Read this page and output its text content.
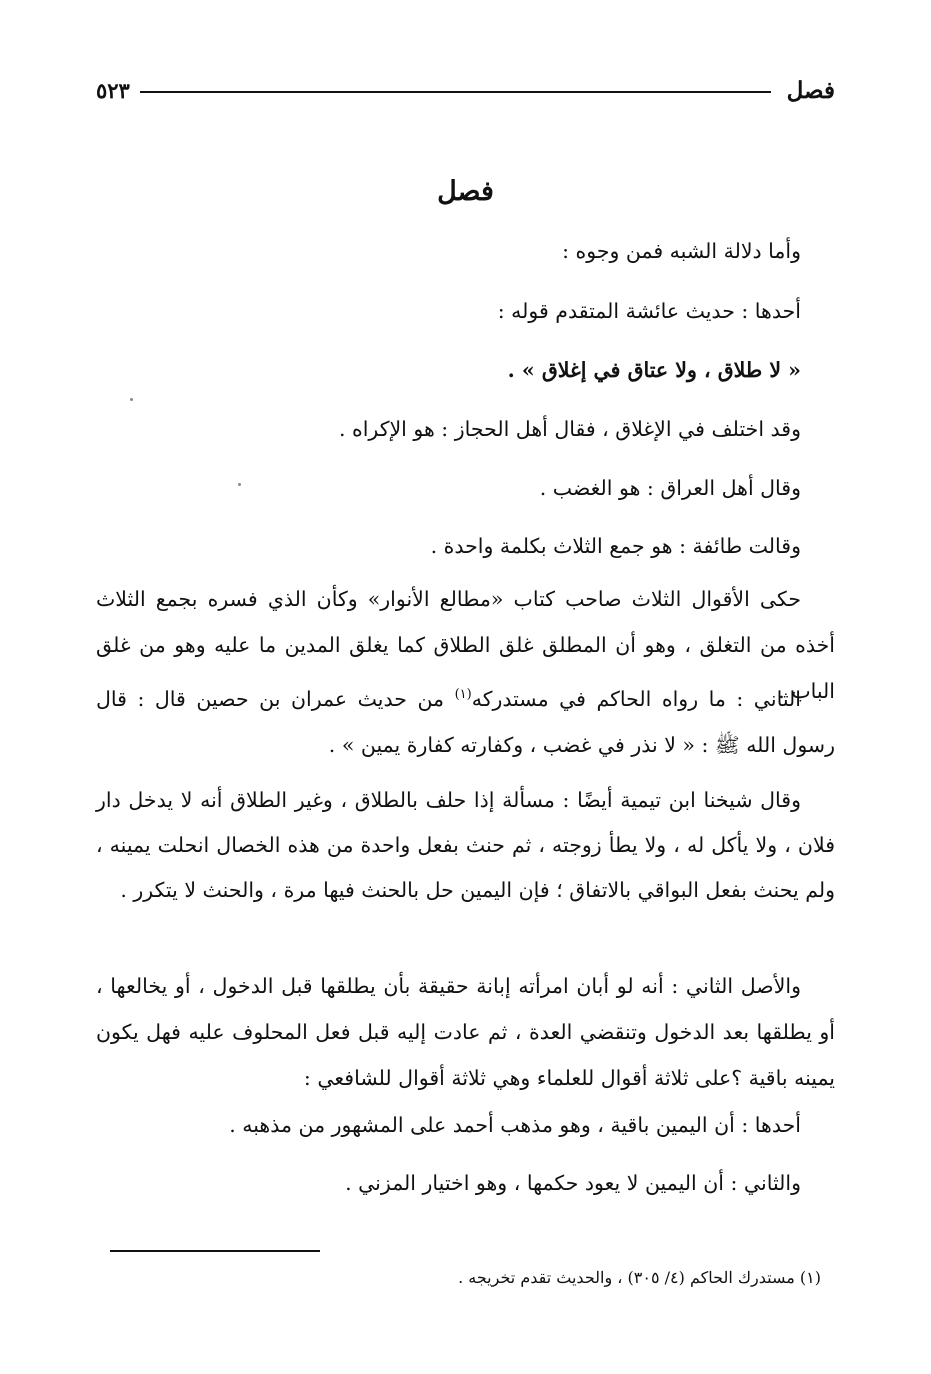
فصل
٥٢٣
فصل
وأما دلالة الشبه فمن وجوه :
أحدها : حديث عائشة المتقدم قوله :
« لا طلاق ، ولا عتاق في إغلاق » .
وقد اختلف في الإغلاق ، فقال أهل الحجاز : هو الإكراه .
وقال أهل العراق : هو الغضب .
وقالت طائفة : هو جمع الثلاث بكلمة واحدة .
حكى الأقوال الثلاث صاحب كتاب «مطالع الأنوار» وكأن الذي فسره بجمع الثلاث أخذه من التغلق ، وهو أن المطلق غلق الطلاق كما يغلق المدين ما عليه وهو من غلق الباب .
الثاني : ما رواه الحاكم في مستدركه$^{(١)}$ من حديث عمران بن حصين قال : قال رسول الله ﷺ : « لا نذر في غضب ، وكفارته كفارة يمين » .
وقال شيخنا ابن تيمية أيضًا : مسألة إذا حلف بالطلاق ، وغير الطلاق أنه لا يدخل دار فلان ، ولا يأكل له ، ولا يطأ زوجته ، ثم حنث بفعل واحدة من هذه الخصال انحلت يمينه ، ولم يحنث بفعل البواقي بالاتفاق ؛ فإن اليمين حل بالحنث فيها مرة ، والحنث لا يتكرر .
والأصل الثاني : أنه لو أبان امرأته إبانة حقيقة بأن يطلقها قبل الدخول ، أو يخالعها ، أو يطلقها بعد الدخول وتنقضي العدة ، ثم عادت إليه قبل فعل المحلوف عليه فهل يكون يمينه باقية ؟على ثلاثة أقوال للعلماء وهي ثلاثة أقوال للشافعي :
أحدها : أن اليمين باقية ، وهو مذهب أحمد على المشهور من مذهبه .
والثاني : أن اليمين لا يعود حكمها ، وهو اختيار المزني .
(١) مستدرك الحاكم (٤/ ٣٠٥) ، والحديث تقدم تخريجه .
